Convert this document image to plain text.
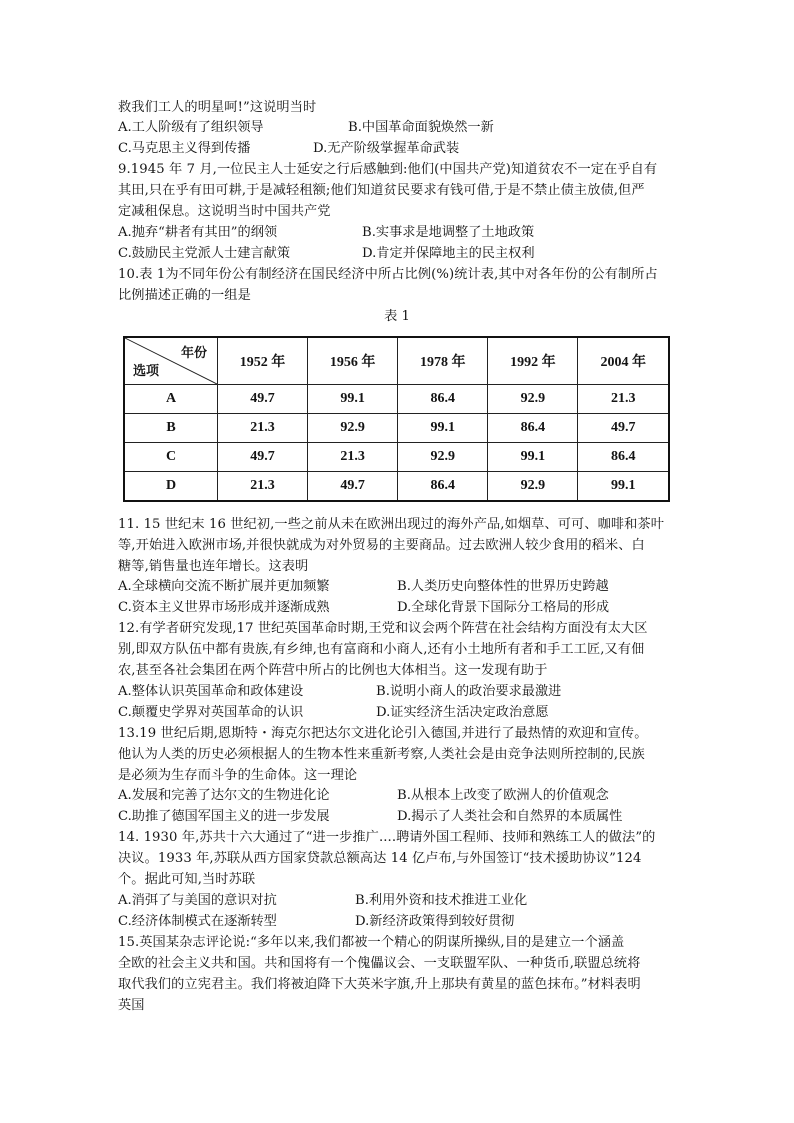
救我们工人的明星呵!”这说明当时
A.工人阶级有了组织领导	B.中国革命面貌焕然一新
C.马克思主义得到传播	D.无产阶级掌握革命武装
9.1945 年 7 月,一位民主人士延安之行后感触到:他们(中国共产党)知道贫农不一定在乎自有
其田,只在乎有田可耕,于是减轻租额;他们知道贫民要求有钱可借,于是不禁止债主放债,但严
定减租保息。这说明当时中国共产党
A.抛弃“耕者有其田”的纲领	B.实事求是地调整了土地政策
C.鼓励民主党派人士建言献策	D.肯定并保障地主的民主权利
10.表 1为不同年份公有制经济在国民经济中所占比例(%)统计表,其中对各年份的公有制所占
比例描述正确的一组是
表 1
年份
选项	1952 年	1956 年	1978 年	1992 年	2004 年
A	49.7	99.1	86.4	92.9	21.3
B	21.3	92.9	99.1	86.4	49.7
C	49.7	21.3	92.9	99.1	86.4
D	21.3	49.7	86.4	92.9	99.1
11. 15 世纪末 16 世纪初,一些之前从未在欧洲出现过的海外产品,如烟草、可可、咖啡和茶叶
等,开始进入欧洲市场,并很快就成为对外贸易的主要商品。过去欧洲人较少食用的稻米、白
糖等,销售量也连年增长。这表明
A.全球横向交流不断扩展并更加频繁	B.人类历史向整体性的世界历史跨越
C.资本主义世界市场形成并逐渐成熟	D.全球化背景下国际分工格局的形成
12.有学者研究发现,17 世纪英国革命时期,王党和议会两个阵营在社会结构方面没有太大区
别,即双方队伍中都有贵族,有乡绅,也有富商和小商人,还有小土地所有者和手工工匠,又有佃
农,甚至各社会集团在两个阵营中所占的比例也大体相当。这一发现有助于
A.整体认识英国革命和政体建设	B.说明小商人的政治要求最激进
C.颠覆史学界对英国革命的认识	D.证实经济生活决定政治意愿
13.19 世纪后期,恩斯特・海克尔把达尔文进化论引入德国,并进行了最热情的欢迎和宣传。
他认为人类的历史必须根据人的生物本性来重新考察,人类社会是由竞争法则所控制的,民族
是必须为生存而斗争的生命体。这一理论
A.发展和完善了达尔文的生物进化论	B.从根本上改变了欧洲人的价值观念
C.助推了德国军国主义的进一步发展	D.揭示了人类社会和自然界的本质属性
14. 1930 年,苏共十六大通过了“进一步推广....聘请外国工程师、技师和熟练工人的做法”的
决议。1933 年,苏联从西方国家贷款总额高达 14 亿卢布,与外国签订“技术援助协议”124
个。据此可知,当时苏联
A.消弭了与美国的意识对抗	B.利用外资和技术推进工业化
C.经济体制模式在逐渐转型	D.新经济政策得到较好贯彻
15.英国某杂志评论说:“多年以来,我们都被一个精心的阴谋所操纵,目的是建立一个涵盖
全欧的社会主义共和国。共和国将有一个傀儡议会、一支联盟军队、一种货币,联盟总统将
取代我们的立宪君主。我们将被迫降下大英米字旗,升上那块有黄星的蓝色抹布。”材料表明
英国
